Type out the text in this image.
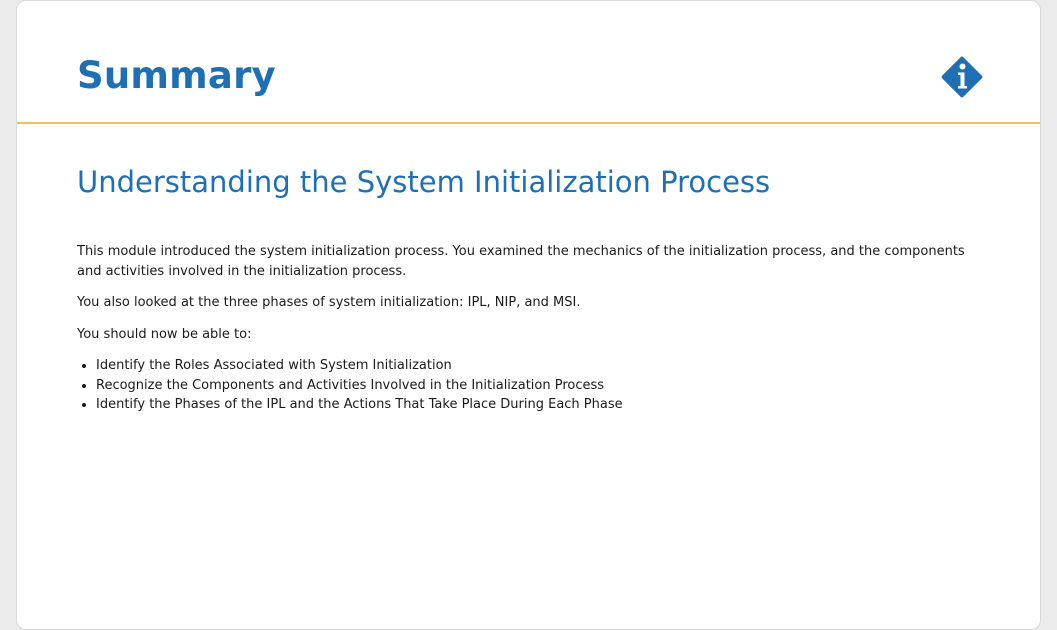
Summary
Understanding the System Initialization Process

This module introduced the system initialization process. You examined the mechanics of the initialization process, and the components and activities involved in the initialization process.

You also looked at the three phases of system initialization: IPL, NIP, and MSI.

You should now be able to:

• Identify the Roles Associated with System Initialization
• Recognize the Components and Activities Involved in the Initialization Process
• Identify the Phases of the IPL and the Actions That Take Place During Each Phase
